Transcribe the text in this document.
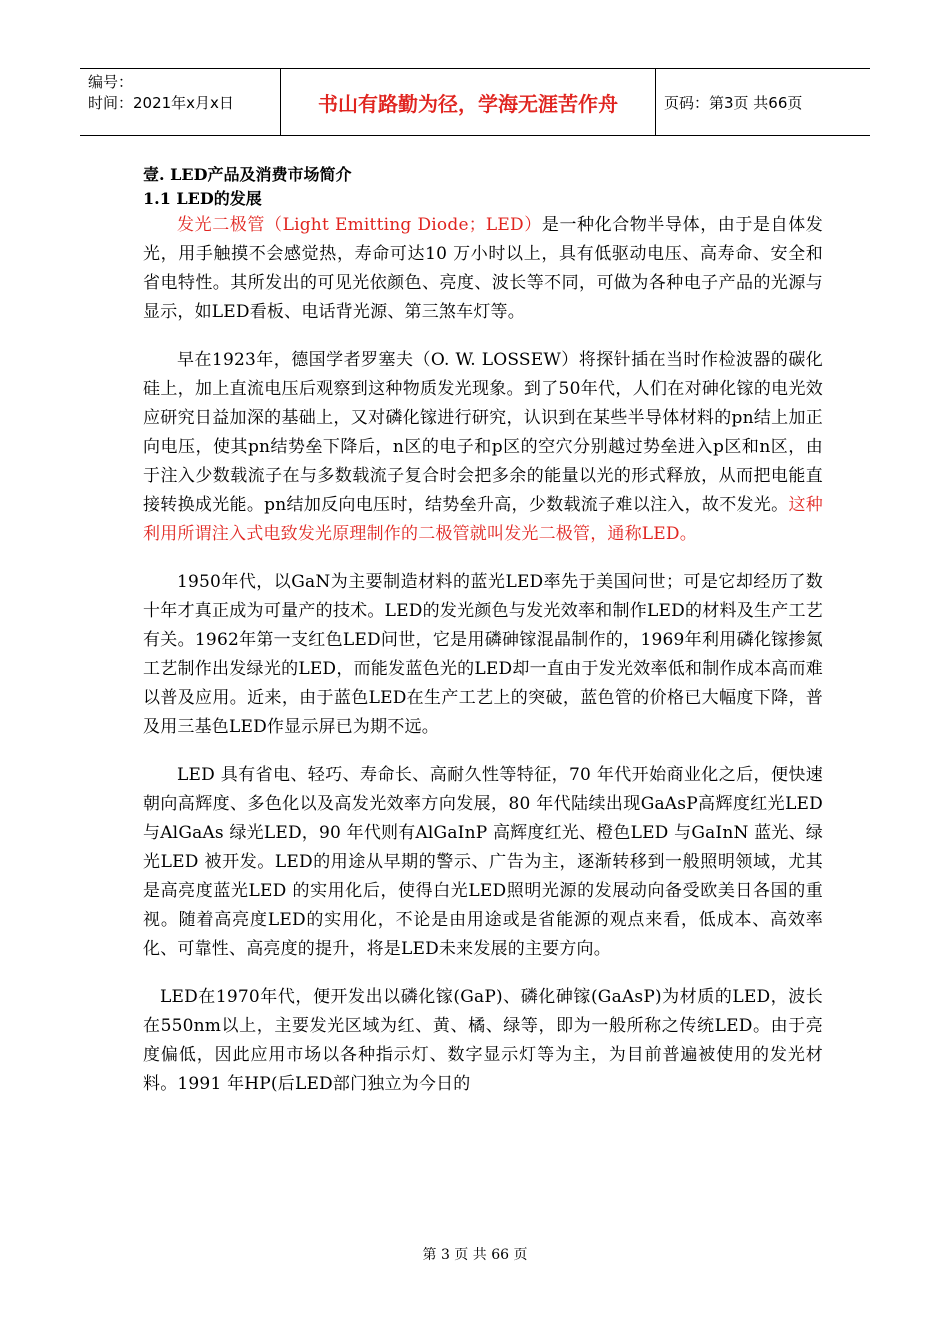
编号：
时间：2021年x月x日	书山有路勤为径，学海无涯苦作舟	页码：第3页 共66页

壹. LED产品及消费市场简介

1.1 LED的发展

发光二极管（Light Emitting Diode；LED）是一种化合物半导体，由于是自体发光，用手触摸不会感觉热，寿命可达10 万小时以上，具有低驱动电压、高寿命、安全和省电特性。其所发出的可见光依颜色、亮度、波长等不同，可做为各种电子产品的光源与显示，如LED看板、电话背光源、第三煞车灯等。

早在1923年，德国学者罗塞夫（O. W. LOSSEW）将探针插在当时作检波器的碳化硅上，加上直流电压后观察到这种物质发光现象。到了50年代，人们在对砷化镓的电光效应研究日益加深的基础上，又对磷化镓进行研究，认识到在某些半导体材料的pn结上加正向电压，使其pn结势垒下降后，n区的电子和p区的空穴分别越过势垒进入p区和n区，由于注入少数载流子在与多数载流子复合时会把多余的能量以光的形式释放，从而把电能直接转换成光能。pn结加反向电压时，结势垒升高，少数载流子难以注入，故不发光。这种利用所谓注入式电致发光原理制作的二极管就叫发光二极管，通称LED。

1950年代，以GaN为主要制造材料的蓝光LED率先于美国问世；可是它却经历了数十年才真正成为可量产的技术。LED的发光颜色与发光效率和制作LED的材料及生产工艺有关。1962年第一支红色LED问世，它是用磷砷镓混晶制作的，1969年利用磷化镓掺氮工艺制作出发绿光的LED，而能发蓝色光的LED却一直由于发光效率低和制作成本高而难以普及应用。近来，由于蓝色LED在生产工艺上的突破，蓝色管的价格已大幅度下降，普及用三基色LED作显示屏已为期不远。

LED 具有省电、轻巧、寿命长、高耐久性等特征，70 年代开始商业化之后，便快速朝向高辉度、多色化以及高发光效率方向发展，80 年代陆续出现GaAsP高辉度红光LED与AlGaAs 绿光LED，90 年代则有AlGaInP 高辉度红光、橙色LED 与GaInN 蓝光、绿光LED 被开发。LED的用途从早期的警示、广告为主，逐渐转移到一般照明领域，尤其是高亮度蓝光LED 的实用化后，使得白光LED照明光源的发展动向备受欧美日各国的重视。随着高亮度LED的实用化，不论是由用途或是省能源的观点来看，低成本、高效率化、可靠性、高亮度的提升，将是LED未来发展的主要方向。

LED在1970年代，便开发出以磷化镓(GaP)、磷化砷镓(GaAsP)为材质的LED，波长在550nm以上，主要发光区域为红、黄、橘、绿等，即为一般所称之传统LED。由于亮度偏低，因此应用市场以各种指示灯、数字显示灯等为主，为目前普遍被使用的发光材料。1991 年HP(后LED部门独立为今日的

第 3 页 共 66 页
